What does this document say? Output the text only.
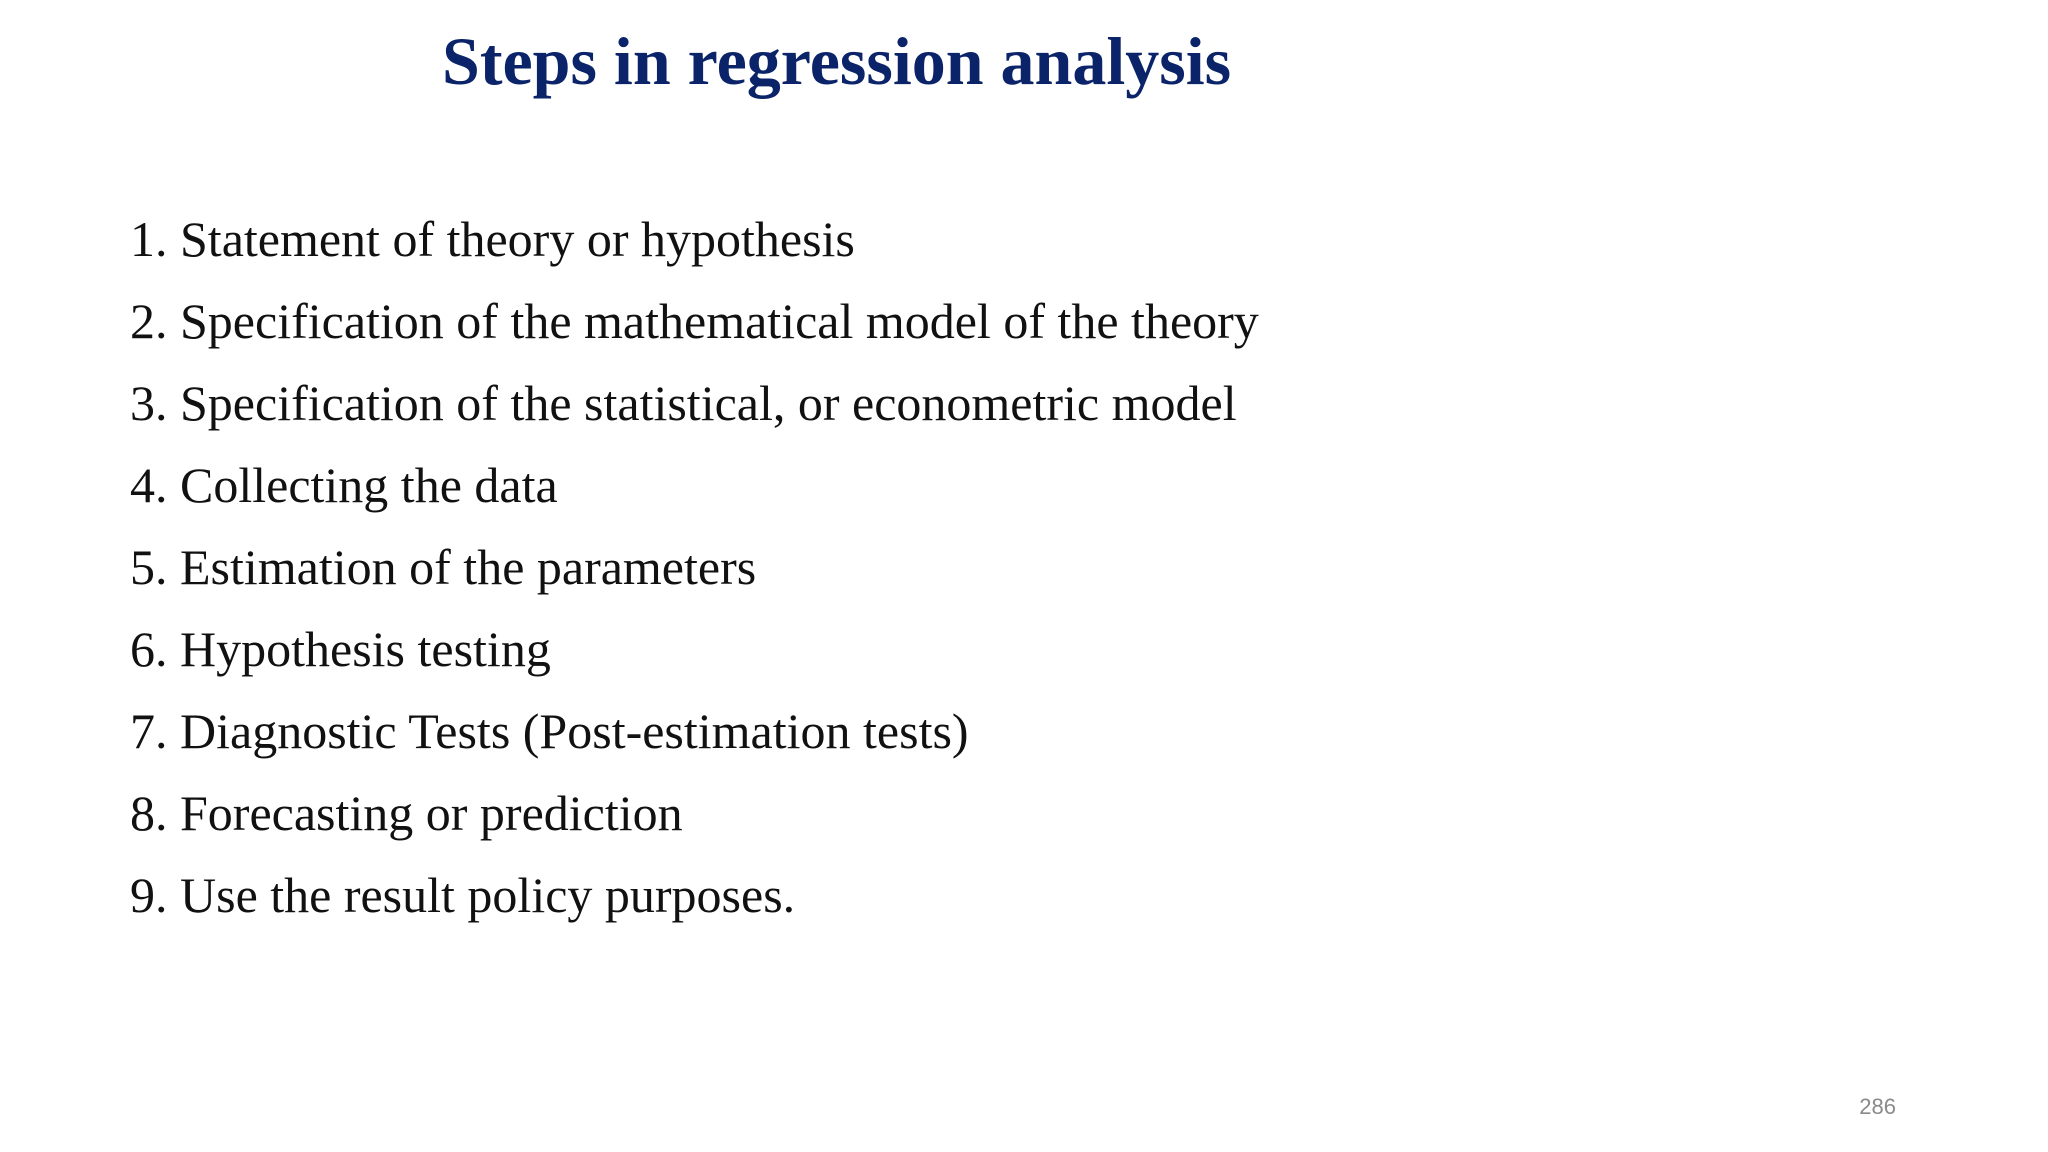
Steps in regression analysis
1. Statement of theory or hypothesis
2. Specification of the mathematical model of the theory
3. Specification of the statistical, or econometric model
4. Collecting the data
5. Estimation of the parameters
6. Hypothesis testing
7. Diagnostic Tests (Post-estimation tests)
8. Forecasting or prediction
9. Use the result policy purposes.
286
